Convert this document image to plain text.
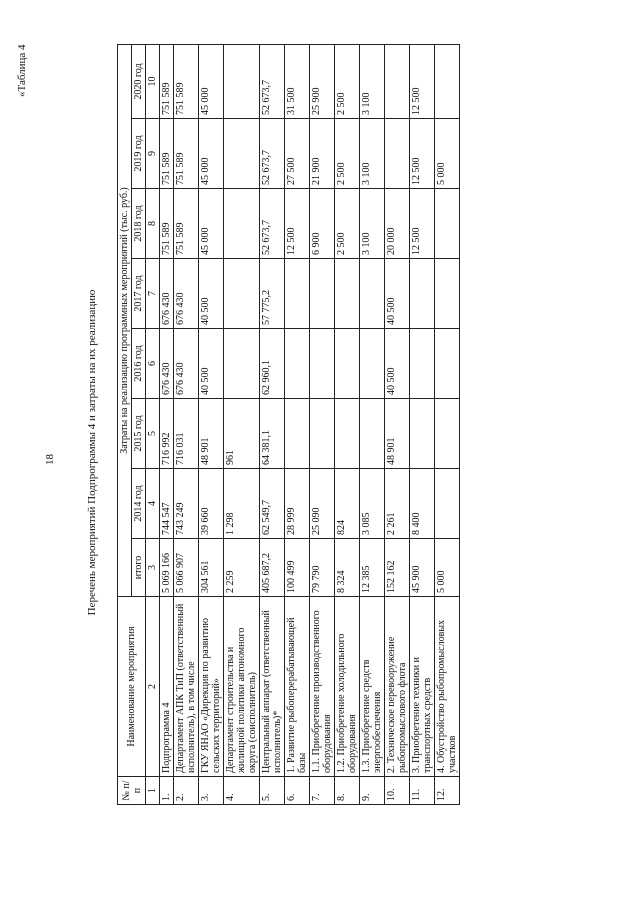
18
«Таблица 4
Перечень мероприятий Подпрограммы 4 и затраты на их реализацию
№ п/п	Наименование мероприятия	Затраты на реализацию программных мероприятий (тыс. руб.)							
		итого	2014 год	2015 год	2016 год	2017 год	2018 год	2019 год	2020 год
1	2	3	4	5	6	7	8	9	10
1.	Подпрограмма 4	5 069 166	744 547	716 992	676 430	676 430	751 589	751 589	751 589
2.	Департамент АПК ТиП (ответственный исполнитель), в том числе	5 066 907	743 249	716 031	676 430	676 430	751 589	751 589	751 589
3.	ГКУ ЯНАО «Дирекция по развитию сельских территорий»	304 561	39 660	48 901	40 500	40 500	45 000	45 000	45 000
4.	Департамент строительства и жилищной политики автономного округа (соисполнитель)	2 259	1 298	961					
5.	Центральный аппарат (ответственный исполнитель)*	405 687,2	62 549,7	64 381,1	62 960,1	57 775,2	52 673,7	52 673,7	52 673,7
6.	1. Развитие рыбоперерабатывающей базы	100 499	28 999				12 500	27 500	31 500
7.	1.1. Приобретение производственного оборудования	79 790	25 090				6 900	21 900	25 900
8.	1.2. Приобретение холодильного оборудования	8 324	824				2 500	2 500	2 500
9.	1.3. Приобретение средств энергообеспечения	12 385	3 085				3 100	3 100	3 100
10.	2. Техническое перевооружение рыбопромыслового флота	152 162	2 261	48 901	40 500	40 500	20 000		
11.	3. Приобретение техники и транспортных средств	45 900	8 400				12 500	12 500	12 500
12.	4. Обустройство рыбопромысловых участков	5 000						5 000	
